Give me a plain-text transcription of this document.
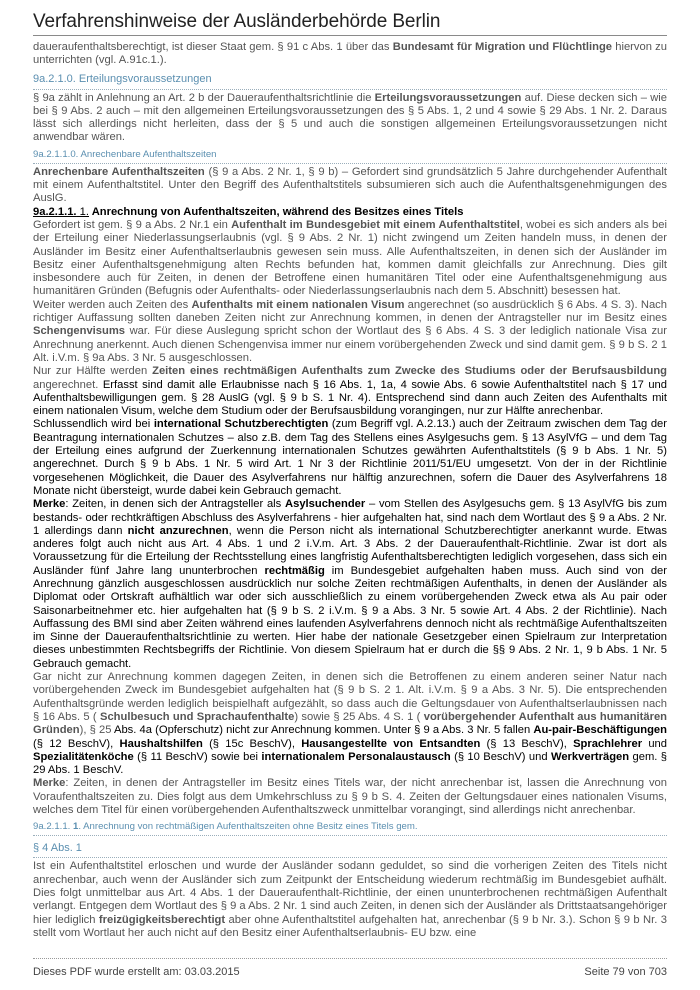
Verfahrenshinweise der Ausländerbehörde Berlin

daueraufenthaltsberechtigt, ist dieser Staat gem. § 91 c Abs. 1 über das Bundesamt für Migration und Flüchtlinge hiervon zu unterrichten (vgl. A.91c.1.).

9a.2.1.0. Erteilungsvoraussetzungen

§ 9a zählt in Anlehnung an Art. 2 b der Daueraufenthaltsrichtlinie die Erteilungsvoraussetzungen auf. Diese decken sich – wie bei § 9 Abs. 2 auch – mit den allgemeinen Erteilungsvoraussetzungen des § 5 Abs. 1, 2 und 4 sowie § 29 Abs. 1 Nr. 2. Daraus lässt sich allerdings nicht herleiten, dass der § 5 und auch die sonstigen allgemeinen Erteilungsvoraussetzungen nicht anwendbar wären.

9a.2.1.1.0. Anrechenbare Aufenthaltszeiten

Anrechenbare Aufenthaltszeiten (§ 9 a Abs. 2 Nr. 1, § 9 b) – Gefordert sind grundsätzlich 5 Jahre durchgehender Aufenthalt mit einem Aufenthaltstitel. Unter den Begriff des Aufenthaltstitels subsumieren sich auch die Aufenthaltsgenehmigungen des AuslG.

9a.2.1.1. 1. Anrechnung von Aufenthaltszeiten, während des Besitzes eines Titels

Gefordert ist gem. § 9 a Abs. 2 Nr.1 ein Aufenthalt im Bundesgebiet mit einem Aufenthaltstitel, wobei es sich anders als bei der Erteilung einer Niederlassungserlaubnis (vgl. § 9 Abs. 2 Nr. 1) nicht zwingend um Zeiten handeln muss, in denen der Ausländer im Besitz einer Aufenthaltserlaubnis gewesen sein muss. Alle Aufenthaltszeiten, in denen sich der Ausländer im Besitz einer Aufenthaltsgenehmigung alten Rechts befunden hat, kommen damit gleichfalls zur Anrechnung. Dies gilt insbesondere auch für Zeiten, in denen der Betroffene einen humanitären Titel oder eine Aufenthaltsgenehmigung aus humanitären Gründen (Befugnis oder Aufenthalts- oder Niederlassungserlaubnis nach dem 5. Abschnitt) besessen hat.

Weiter werden auch Zeiten des Aufenthalts mit einem nationalen Visum angerechnet (so ausdrücklich § 6 Abs. 4 S. 3). Nach richtiger Auffassung sollten daneben Zeiten nicht zur Anrechnung kommen, in denen der Antragsteller nur im Besitz eines Schengenvisums war. Für diese Auslegung spricht schon der Wortlaut des § 6 Abs. 4 S. 3 der lediglich nationale Visa zur Anrechnung anerkennt. Auch dienen Schengenvisa immer nur einem vorübergehenden Zweck und sind damit gem. § 9 b S. 2 1 Alt. i.V.m. § 9a Abs. 3 Nr. 5 ausgeschlossen.

Nur zur Hälfte werden Zeiten eines rechtmäßigen Aufenthalts zum Zwecke des Studiums oder der Berufsausbildung angerechnet. Erfasst sind damit alle Erlaubnisse nach § 16 Abs. 1, 1a, 4 sowie Abs. 6 sowie Aufenthaltstitel nach § 17 und Aufenthaltsbewilligungen gem. § 28 AuslG (vgl. § 9 b S. 1 Nr. 4). Entsprechend sind dann auch Zeiten des Aufenthalts mit einem nationalen Visum, welche dem Studium oder der Berufsausbildung vorangingen, nur zur Hälfte anrechenbar.

Schlussendlich wird bei international Schutzberechtigten (zum Begriff vgl. A.2.13.) auch der Zeitraum zwischen dem Tag der Beantragung internationalen Schutzes – also z.B. dem Tag des Stellens eines Asylgesuchs gem. § 13 AsylVfG – und dem Tag der Erteilung eines aufgrund der Zuerkennung internationalen Schutzes gewährten Aufenthaltstitels (§ 9 b Abs. 1 Nr. 5) angerechnet. Durch § 9 b Abs. 1 Nr. 5 wird Art. 1 Nr 3 der Richtlinie 2011/51/EU umgesetzt. Von der in der Richtlinie vorgesehenen Möglichkeit, die Dauer des Asylverfahrens nur hälftig anzurechnen, sofern die Dauer des Asylverfahrens 18 Monate nicht übersteigt, wurde dabei kein Gebrauch gemacht.

Merke: Zeiten, in denen sich der Antragsteller als Asylsuchender – vom Stellen des Asylgesuchs gem. § 13 AsylVfG bis zum bestands- oder rechtkräftigen Abschluss des Asylverfahrens - hier aufgehalten hat, sind nach dem Wortlaut des § 9 a Abs. 2 Nr. 1 allerdings dann nicht anzurechnen, wenn die Person nicht als international Schutzberechtigter anerkannt wurde. Etwas anderes folgt auch nicht aus Art. 4 Abs. 1 und 2 i.V.m. Art. 3 Abs. 2 der Daueraufenthalt-Richtlinie. Zwar ist dort als Voraussetzung für die Erteilung der Rechtsstellung eines langfristig Aufenthaltsberechtigten lediglich vorgesehen, dass sich ein Ausländer fünf Jahre lang ununterbrochen rechtmäßig im Bundesgebiet aufgehalten haben muss. Auch sind von der Anrechnung gänzlich ausgeschlossen ausdrücklich nur solche Zeiten rechtmäßigen Aufenthalts, in denen der Ausländer als Diplomat oder Ortskraft aufhältlich war oder sich ausschließlich zu einem vorübergehenden Zweck etwa als Au pair oder Saisonarbeitnehmer etc. hier aufgehalten hat (§ 9 b S. 2 i.V.m. § 9 a Abs. 3 Nr. 5 sowie Art. 4 Abs. 2 der Richtlinie). Nach Auffassung des BMI sind aber Zeiten während eines laufenden Asylverfahrens dennoch nicht als rechtmäßige Aufenthaltszeiten im Sinne der Daueraufenthaltsrichtlinie zu werten. Hier habe der nationale Gesetzgeber einen Spielraum zur Interpretation dieses unbestimmten Rechtsbegriffs der Richtlinie. Von diesem Spielraum hat er durch die §§ 9 Abs. 2 Nr. 1, 9 b Abs. 1 Nr. 5 Gebrauch gemacht.

Gar nicht zur Anrechnung kommen dagegen Zeiten, in denen sich die Betroffenen zu einem anderen seiner Natur nach vorübergehenden Zweck im Bundesgebiet aufgehalten hat (§ 9 b S. 2 1. Alt. i.V.m. § 9 a Abs. 3 Nr. 5). Die entsprechenden Aufenthaltsgründe werden lediglich beispielhaft aufgezählt, so dass auch die Geltungsdauer von Aufenthaltserlaubnissen nach § 16 Abs. 5 ( Schulbesuch und Sprachaufenthalte) sowie § 25 Abs. 4 S. 1 ( vorübergehender Aufenthalt aus humanitären Gründen), § 25 Abs. 4a (Opferschutz) nicht zur Anrechnung kommen. Unter § 9 a Abs. 3 Nr. 5 fallen Au-pair-Beschäftigungen (§ 12 BeschV), Haushaltshilfen (§ 15c BeschV), Hausangestellte von Entsandten (§ 13 BeschV), Sprachlehrer und Spezialitätenköche (§ 11 BeschV) sowie bei internationalem Personalaustausch (§ 10 BeschV) und Werkverträgen gem. § 29 Abs. 1 BeschV.

Merke: Zeiten, in denen der Antragsteller im Besitz eines Titels war, der nicht anrechenbar ist, lassen die Anrechnung von Voraufenthaltszeiten zu. Dies folgt aus dem Umkehrschluss zu § 9 b S. 4. Zeiten der Geltungsdauer eines nationalen Visums, welches dem Titel für einen vorübergehenden Aufenthaltszweck unmittelbar vorangingt, sind allerdings nicht anrechenbar.

9a.2.1.1. 1. Anrechnung von rechtmäßigen Aufenthaltszeiten ohne Besitz eines Titels gem.
§ 4 Abs. 1

Ist ein Aufenthaltstitel erloschen und wurde der Ausländer sodann geduldet, so sind die vorherigen Zeiten des Titels nicht anrechenbar, auch wenn der Ausländer sich zum Zeitpunkt der Entscheidung wiederum rechtmäßig im Bundesgebiet aufhält. Dies folgt unmittelbar aus Art. 4 Abs. 1 der Daueraufenthalt-Richtlinie, der einen ununterbrochenen rechtmäßigen Aufenthalt verlangt. Entgegen dem Wortlaut des § 9 a Abs. 2 Nr. 1 sind auch Zeiten, in denen sich der Ausländer als Drittstaatsangehöriger hier lediglich freizügigkeitsberechtigt aber ohne Aufenthaltstitel aufgehalten hat, anrechenbar (§ 9 b Nr. 3.). Schon § 9 b Nr. 3 stellt vom Wortlaut her auch nicht auf den Besitz einer Aufenthaltserlaubnis- EU bzw. eine

Dieses PDF wurde erstellt am: 03.03.2015	Seite 79 von 703
